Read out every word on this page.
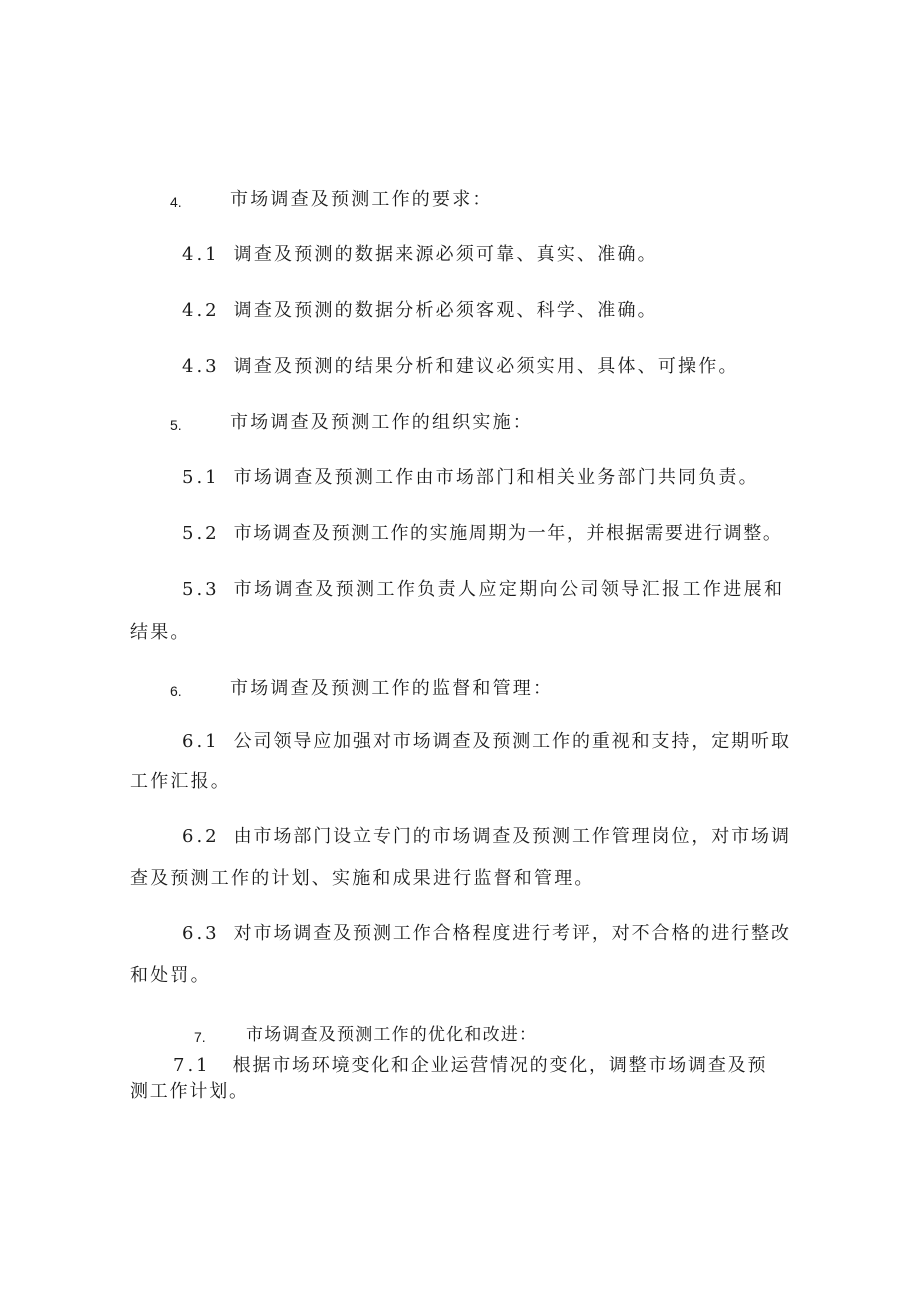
4.	市场调查及预测工作的要求：
4.1 调查及预测的数据来源必须可靠、真实、准确。
4.2 调查及预测的数据分析必须客观、科学、准确。
4.3 调查及预测的结果分析和建议必须实用、具体、可操作。
5.	市场调查及预测工作的组织实施：
5.1 市场调查及预测工作由市场部门和相关业务部门共同负责。
5.2 市场调查及预测工作的实施周期为一年，并根据需要进行调整。
5.3 市场调查及预测工作负责人应定期向公司领导汇报工作进展和
结果。
6.	市场调查及预测工作的监督和管理：
6.1 公司领导应加强对市场调查及预测工作的重视和支持，定期听取
工作汇报。
6.2 由市场部门设立专门的市场调查及预测工作管理岗位，对市场调
查及预测工作的计划、实施和成果进行监督和管理。
6.3 对市场调查及预测工作合格程度进行考评，对不合格的进行整改
和处罚。
7. 市场调查及预测工作的优化和改进：
7.1 根据市场环境变化和企业运营情况的变化，调整市场调查及预
测工作计划。
